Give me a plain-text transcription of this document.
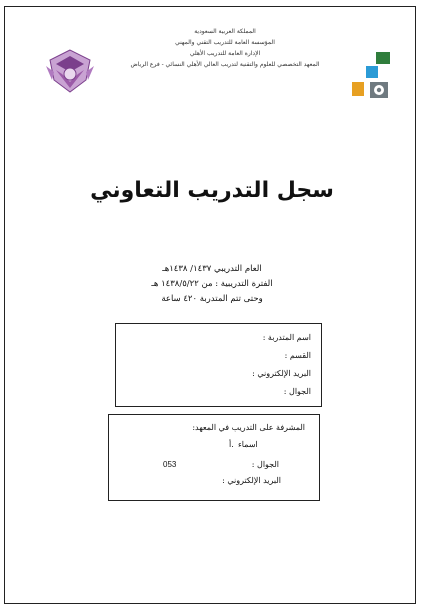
المملكة العربية السعودية
المؤسسة العامة للتدريب التقني والمهني
الإدارة العامة للتدريب الأهلي
المعهد التخصصي للعلوم والتقنية لتدريب العالي الأهلي النسائي - فرع الرياض
سجل التدريب التعاوني
العام التدريبي ١٤٣٧/ ١٤٣٨هـ
الفترة التدريبية : من ١٤٣٨/٥/٢٢ هـ
وحتى تتم المتدربة ٤٢٠ ساعة
اسم المتدربة :
القسم :
البريد الإلكتروني :
الجوال :
المشرفة على التدريب في المعهد:
أ. اسماء
الجوال :
053
البريد الإلكتروني :
